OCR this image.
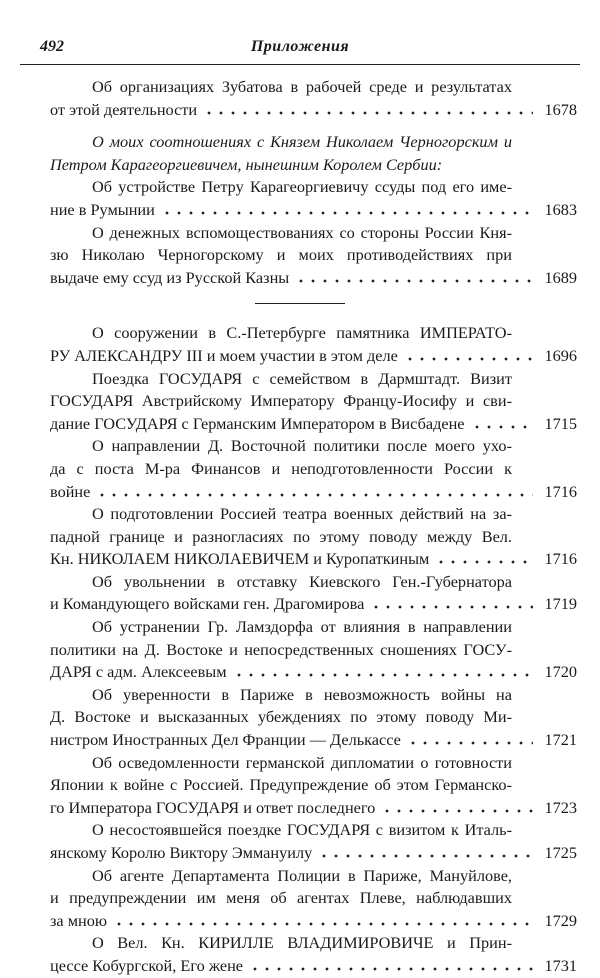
492	Приложения
Об организациях Зубатова в рабочей среде и результатах
от этой деятельности	1678
О моих соотношениях с Князем Николаем Черногорским и
Петром Карагеоргиевичем, нынешним Королем Сербии:
Об устройстве Петру Карагеоргиевичу ссуды под его име-
ние в Румынии	1683
О денежных вспомоществованиях со стороны России Кня-
зю Николаю Черногорскому и моих противодействиях при
выдаче ему ссуд из Русской Казны	1689
О сооружении в С.-Петербурге памятника ИМПЕРАТО-
РУ АЛЕКСАНДРУ III и моем участии в этом деле	1696
Поездка ГОСУДАРЯ с семейством в Дармштадт. Визит
ГОСУДАРЯ Австрийскому Императору Францу-Иосифу и сви-
дание ГОСУДАРЯ с Германским Императором в Висбадене	1715
О направлении Д. Восточной политики после моего ухо-
да с поста М-ра Финансов и неподготовленности России к
войне	1716
О подготовлении Россией театра военных действий на за-
падной границе и разногласиях по этому поводу между Вел.
Кн. НИКОЛАЕМ НИКОЛАЕВИЧЕМ и Куропаткиным	1716
Об увольнении в отставку Киевского Ген.-Губернатора
и Командующего войсками ген. Драгомирова	1719
Об устранении Гр. Ламздорфа от влияния в направлении
политики на Д. Востоке и непосредственных сношениях ГОСУ-
ДАРЯ с адм. Алексеевым	1720
Об уверенности в Париже в невозможность войны на
Д. Востоке и высказанных убеждениях по этому поводу Ми-
нистром Иностранных Дел Франции — Делькассе	1721
Об осведомленности германской дипломатии о готовности
Японии к войне с Россией. Предупреждение об этом Германско-
го Императора ГОСУДАРЯ и ответ последнего	1723
О несостоявшейся поездке ГОСУДАРЯ с визитом к Италь-
янскому Королю Виктору Эммануилу	1725
Об агенте Департамента Полиции в Париже, Мануйлове,
и предупреждении им меня об агентах Плеве, наблюдавших
за мною	1729
О Вел. Кн. КИРИЛЛЕ ВЛАДИМИРОВИЧЕ и Прин-
цессе Кобургской, Его жене	1731
